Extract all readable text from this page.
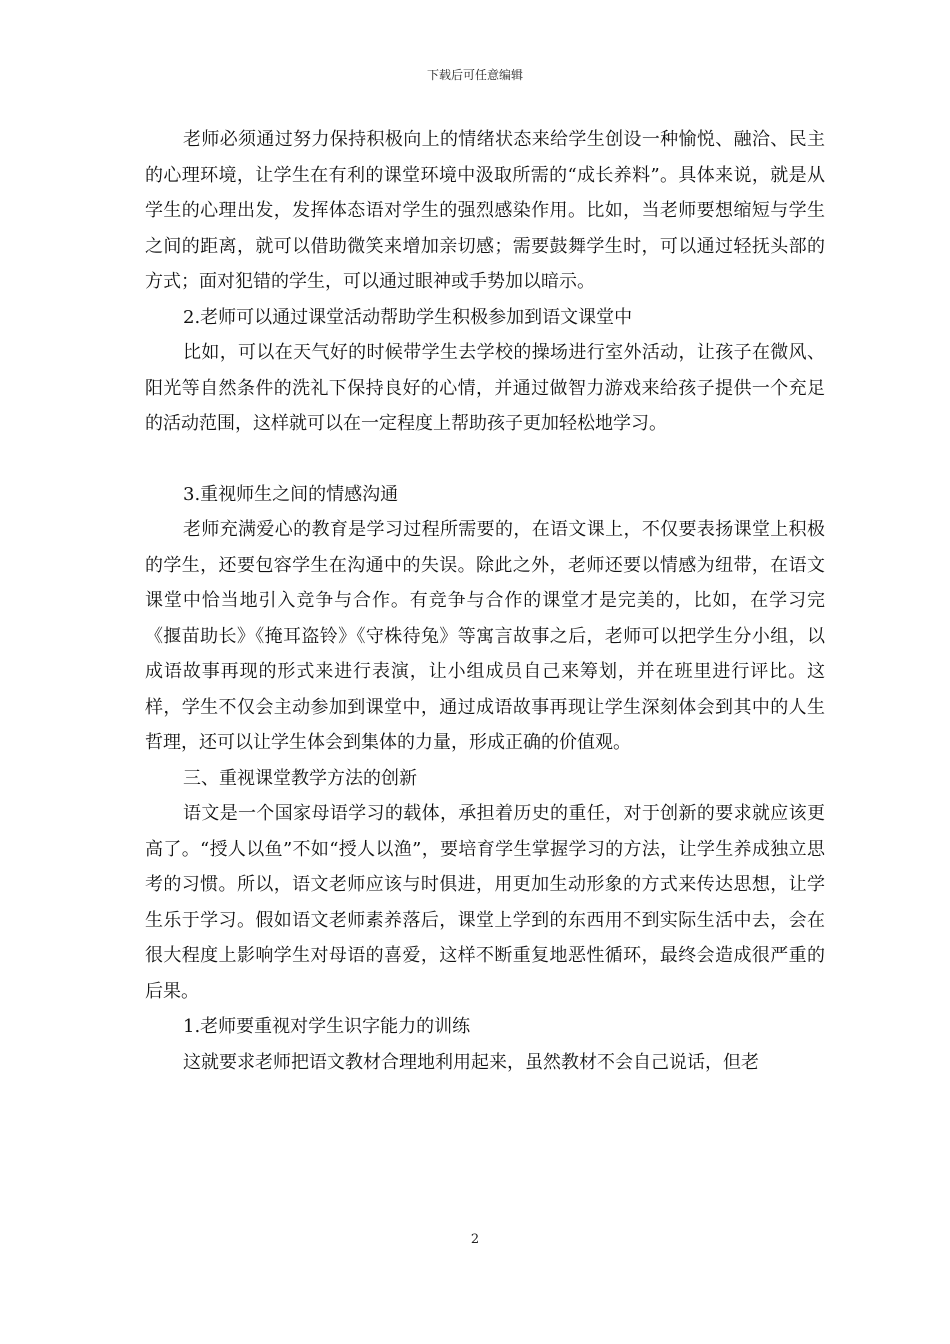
下载后可任意编辑

老师必须通过努力保持积极向上的情绪状态来给学生创设一种愉悦、融洽、民主的心理环境，让学生在有利的课堂环境中汲取所需的“成长养料”。具体来说，就是从学生的心理出发，发挥体态语对学生的强烈感染作用。比如，当老师要想缩短与学生之间的距离，就可以借助微笑来增加亲切感；需要鼓舞学生时，可以通过轻抚头部的方式；面对犯错的学生，可以通过眼神或手势加以暗示。

2.老师可以通过课堂活动帮助学生积极参加到语文课堂中

比如，可以在天气好的时候带学生去学校的操场进行室外活动，让孩子在微风、阳光等自然条件的洗礼下保持良好的心情，并通过做智力游戏来给孩子提供一个充足的活动范围，这样就可以在一定程度上帮助孩子更加轻松地学习。

3.重视师生之间的情感沟通

老师充满爱心的教育是学习过程所需要的，在语文课上，不仅要表扬课堂上积极的学生，还要包容学生在沟通中的失误。除此之外，老师还要以情感为纽带，在语文课堂中恰当地引入竞争与合作。有竞争与合作的课堂才是完美的，比如，在学习完《揠苗助长》《掩耳盗铃》《守株待兔》等寓言故事之后，老师可以把学生分小组，以成语故事再现的形式来进行表演，让小组成员自己来筹划，并在班里进行评比。这样，学生不仅会主动参加到课堂中，通过成语故事再现让学生深刻体会到其中的人生哲理，还可以让学生体会到集体的力量，形成正确的价值观。

三、重视课堂教学方法的创新

语文是一个国家母语学习的载体，承担着历史的重任，对于创新的要求就应该更高了。“授人以鱼”不如“授人以渔”，要培育学生掌握学习的方法，让学生养成独立思考的习惯。所以，语文老师应该与时俱进，用更加生动形象的方式来传达思想，让学生乐于学习。假如语文老师素养落后，课堂上学到的东西用不到实际生活中去，会在很大程度上影响学生对母语的喜爱，这样不断重复地恶性循环，最终会造成很严重的后果。

1.老师要重视对学生识字能力的训练

这就要求老师把语文教材合理地利用起来，虽然教材不会自己说话，但老

2
